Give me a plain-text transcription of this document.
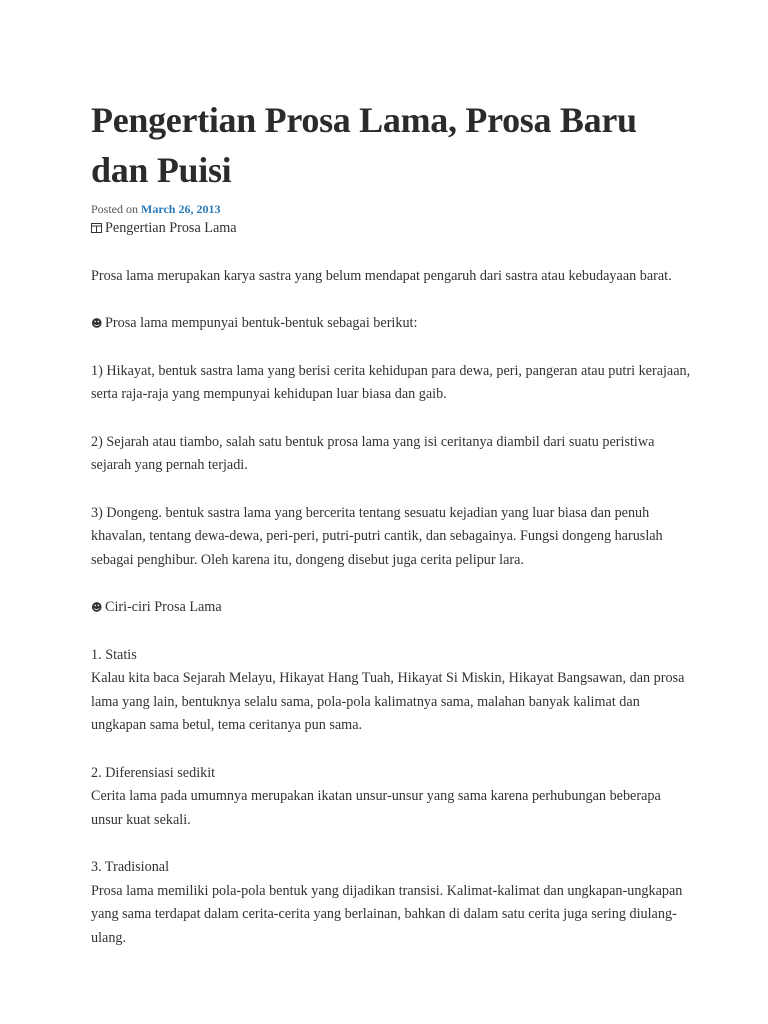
Pengertian Prosa Lama, Prosa Baru dan Puisi
Posted on March 26, 2013

Pengertian Prosa Lama

Prosa lama merupakan karya sastra yang belum mendapat pengaruh dari sastra atau kebudayaan barat.

☻ Prosa lama mempunyai bentuk-bentuk sebagai berikut:

1) Hikayat, bentuk sastra lama yang berisi cerita kehidupan para dewa, peri, pangeran atau putri kerajaan, serta raja-raja yang mempunyai kehidupan luar biasa dan gaib.

2) Sejarah atau tiambo, salah satu bentuk prosa lama yang isi ceritanya diambil dari suatu peristiwa sejarah yang pernah terjadi.

3) Dongeng. bentuk sastra lama yang bercerita tentang sesuatu kejadian yang luar biasa dan penuh khavalan, tentang dewa-dewa, peri-peri, putri-putri cantik, dan sebagainya. Fungsi dongeng haruslah sebagai penghibur. Oleh karena itu, dongeng disebut juga cerita pelipur lara.

☻ Ciri-ciri Prosa Lama

1. Statis

Kalau kita baca Sejarah Melayu, Hikayat Hang Tuah, Hikayat Si Miskin, Hikayat Bangsawan, dan prosa lama yang lain, bentuknya selalu sama, pola-pola kalimatnya sama, malahan banyak kalimat dan ungkapan sama betul, tema ceritanya pun sama.

2. Diferensiasi sedikit

Cerita lama pada umumnya merupakan ikatan unsur-unsur yang sama karena perhubungan beberapa unsur kuat sekali.

3. Tradisional

Prosa lama memiliki pola-pola bentuk yang dijadikan transisi. Kalimat-kalimat dan ungkapan-ungkapan yang sama terdapat dalam cerita-cerita yang berlainan, bahkan di dalam satu cerita juga sering diulang-ulang.
